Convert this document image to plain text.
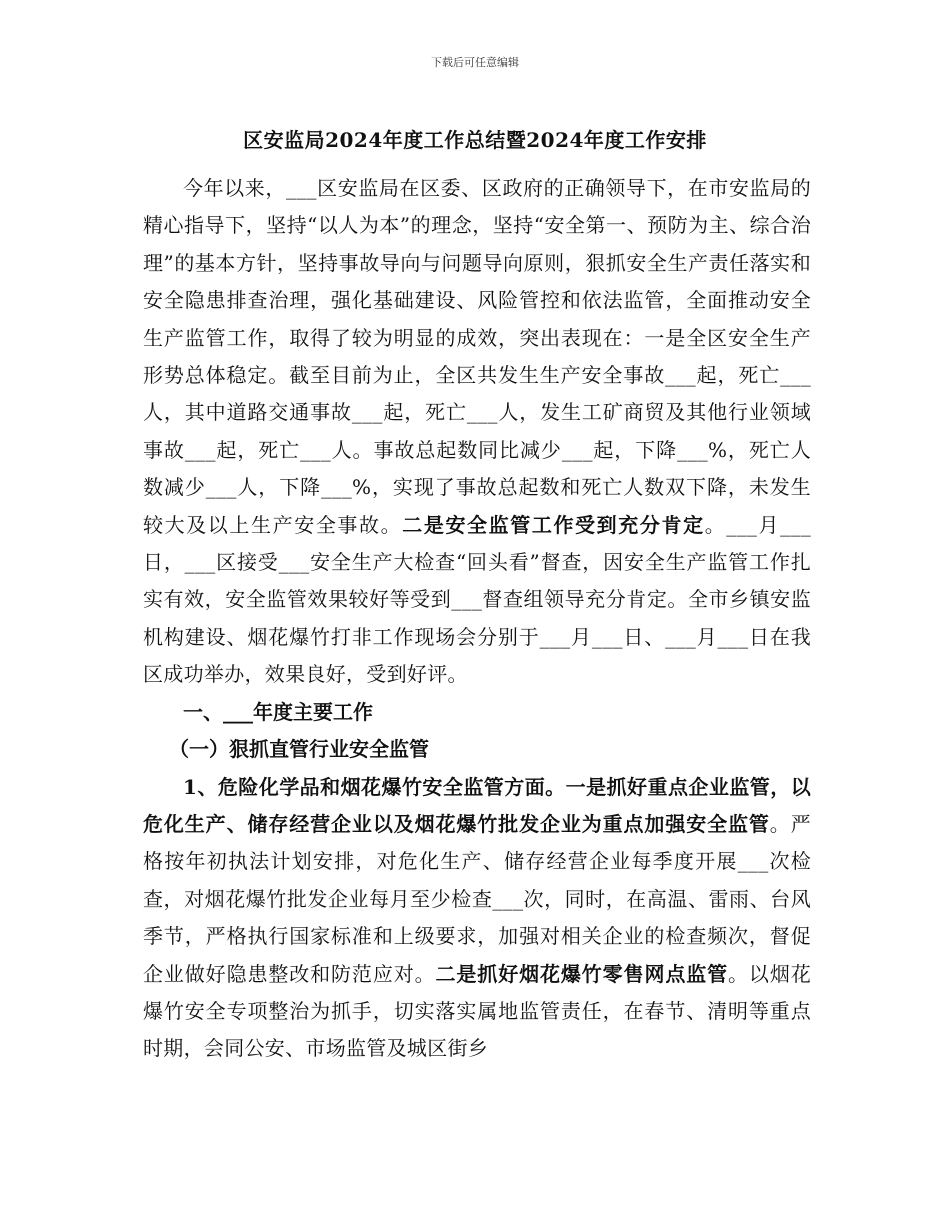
下载后可任意编辑
区安监局2024年度工作总结暨2024年度工作安排

今年以来，___区安监局在区委、区政府的正确领导下，在市安监局的精心指导下，坚持“以人为本”的理念，坚持“安全第一、预防为主、综合治理”的基本方针，坚持事故导向与问题导向原则，狠抓安全生产责任落实和安全隐患排查治理，强化基础建设、风险管控和依法监管，全面推动安全生产监管工作，取得了较为明显的成效，突出表现在：一是全区安全生产形势总体稳定。截至目前为止，全区共发生生产安全事故___起，死亡___人，其中道路交通事故___起，死亡___人，发生工矿商贸及其他行业领域事故___起，死亡___人。事故总起数同比减少___起，下降___%，死亡人数减少___人，下降___%，实现了事故总起数和死亡人数双下降，未发生较大及以上生产安全事故。二是安全监管工作受到充分肯定。___月___日，___区接受___安全生产大检查“回头看”督查，因安全生产监管工作扎实有效，安全监管效果较好等受到___督查组领导充分肯定。全市乡镇安监机构建设、烟花爆竹打非工作现场会分别于___月___日、___月___日在我区成功举办，效果良好，受到好评。

一、___年度主要工作
（一）狠抓直管行业安全监管

1、危险化学品和烟花爆竹安全监管方面。一是抓好重点企业监管，以危化生产、储存经营企业以及烟花爆竹批发企业为重点加强安全监管。严格按年初执法计划安排，对危化生产、储存经营企业每季度开展___次检查，对烟花爆竹批发企业每月至少检查___次，同时，在高温、雷雨、台风季节，严格执行国家标准和上级要求，加强对相关企业的检查频次，督促企业做好隐患整改和防范应对。二是抓好烟花爆竹零售网点监管。以烟花爆竹安全专项整治为抓手，切实落实属地监管责任，在春节、清明等重点时期，会同公安、市场监管及城区街乡
